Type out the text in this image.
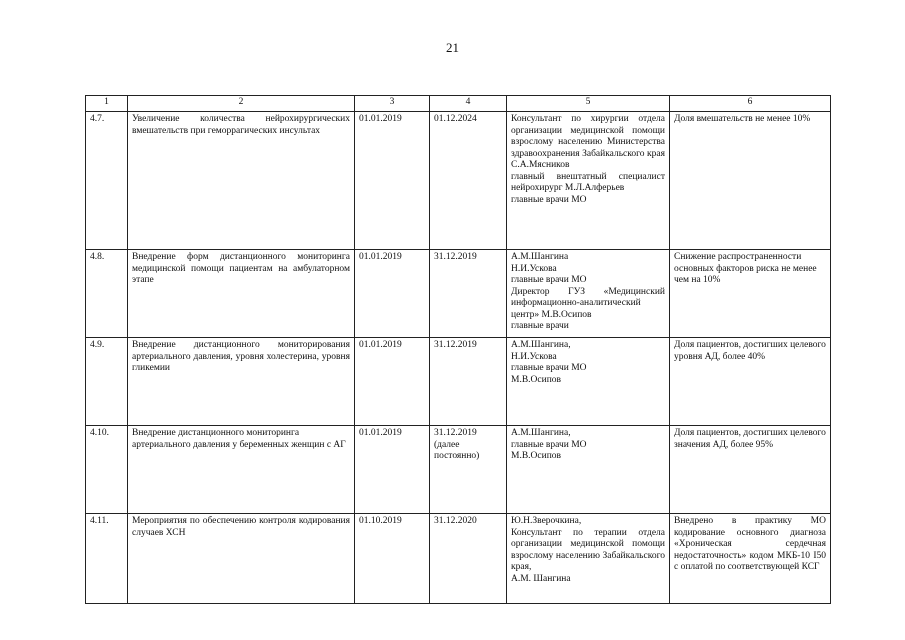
21
1	2	3	4	5	6
4.7.	Увеличение количества нейрохирургических вмешательств при геморрагических инсультах	01.01.2019	01.12.2024	Консультант по хирургии отдела организации медицинской помощи взрослому населению Министерства здравоохранения Забайкальского края С.А.Мясников
главный внештатный специалист нейрохирург М.Л.Алферьев
главные врачи МО	Доля вмешательств не менее 10%
4.8.	Внедрение форм дистанционного мониторинга медицинской помощи пациентам на амбулаторном этапе	01.01.2019	31.12.2019	А.М.Шангина
Н.И.Ускова
главные врачи МО
Директор ГУЗ «Медицинский информационно-аналитический центр» М.В.Осипов
главные врачи	Снижение распространенности основных факторов риска не менее чем на 10%
4.9.	Внедрение дистанционного мониторирования артериального давления, уровня холестерина, уровня гликемии	01.01.2019	31.12.2019	А.М.Шангина,
Н.И.Ускова
главные врачи МО
М.В.Осипов	Доля пациентов, достигших целевого уровня АД, более 40%
4.10.	Внедрение дистанционного мониторинга артериального давления у беременных женщин с АГ	01.01.2019	31.12.2019
(далее
постоянно)	А.М.Шангина,
главные врачи МО
М.В.Осипов	Доля пациентов, достигших целевого значения АД, более 95%
4.11.	Мероприятия по обеспечению контроля кодирования случаев ХСН	01.10.2019	31.12.2020	Ю.Н.Зверочкина,
Консультант по терапии отдела организации медицинской помощи взрослому населению Забайкальского края,
А.М. Шангина	Внедрено в практику МО кодирование основного диагноза «Хроническая сердечная недостаточность» кодом МКБ-10 I50 с оплатой по соответствующей КСГ
